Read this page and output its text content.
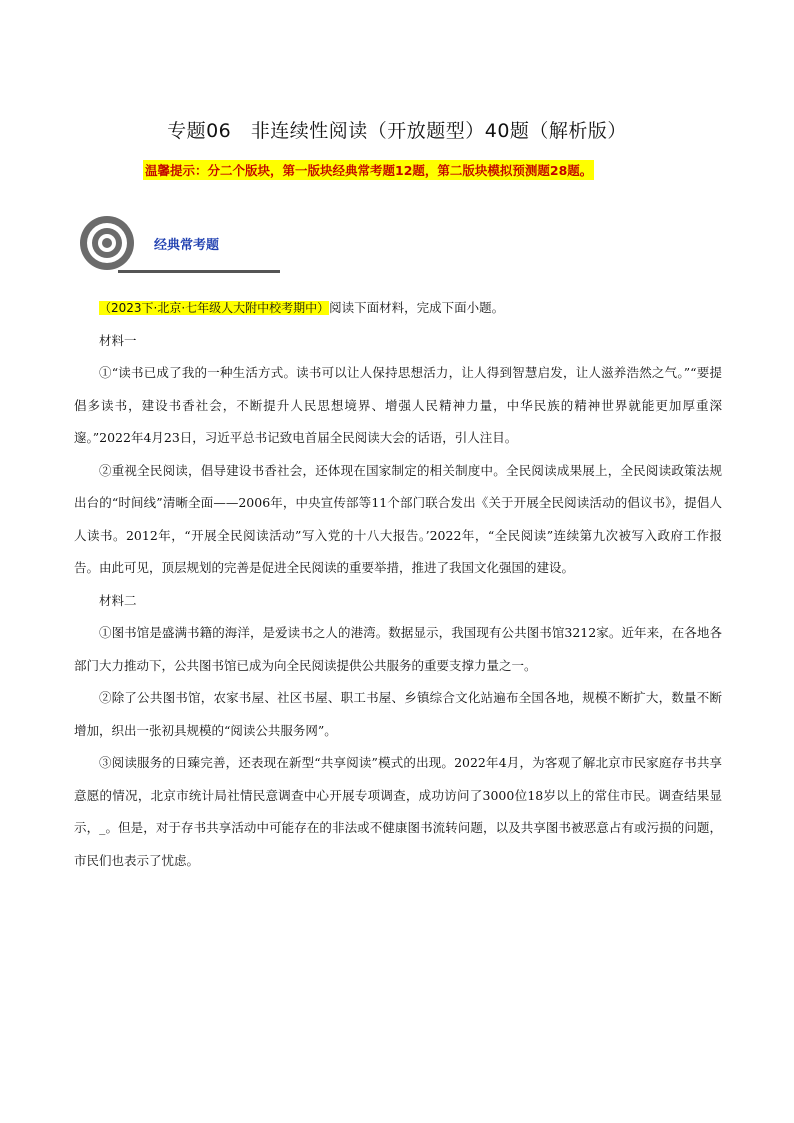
专题06　非连续性阅读（开放题型）40题（解析版）
温馨提示：分二个版块，第一版块经典常考题12题，第二版块模拟预测题28题。
经典常考题

（2023下·北京·七年级人大附中校考期中）阅读下面材料，完成下面小题。

材料一

①“读书已成了我的一种生活方式。读书可以让人保持思想活力，让人得到智慧启发，让人滋养浩然之气。”“要提倡多读书，建设书香社会，不断提升人民思想境界、增强人民精神力量，中华民族的精神世界就能更加厚重深邃。”2022年4月23日，习近平总书记致电首届全民阅读大会的话语，引人注目。

②重视全民阅读，倡导建设书香社会，还体现在国家制定的相关制度中。全民阅读成果展上，全民阅读政策法规出台的“时间线”清晰全面——2006年，中央宣传部等11个部门联合发出《关于开展全民阅读活动的倡议书》，提倡人人读书。2012年，“开展全民阅读活动”写入党的十八大报告。’2022年，“全民阅读”连续第九次被写入政府工作报告。由此可见，顶层规划的完善是促进全民阅读的重要举措，推进了我国文化强国的建设。

材料二

①图书馆是盛满书籍的海洋，是爱读书之人的港湾。数据显示，我国现有公共图书馆3212家。近年来，在各地各部门大力推动下，公共图书馆已成为向全民阅读提供公共服务的重要支撑力量之一。

②除了公共图书馆，农家书屋、社区书屋、职工书屋、乡镇综合文化站遍布全国各地，规模不断扩大，数量不断增加，织出一张初具规模的“阅读公共服务网”。

③阅读服务的日臻完善，还表现在新型“共享阅读”模式的出现。2022年4月，为客观了解北京市民家庭存书共享意愿的情况，北京市统计局社情民意调查中心开展专项调查，成功访问了3000位18岁以上的常住市民。调查结果显示，_。但是，对于存书共享活动中可能存在的非法或不健康图书流转问题，以及共享图书被恶意占有或污损的问题，市民们也表示了忧虑。
